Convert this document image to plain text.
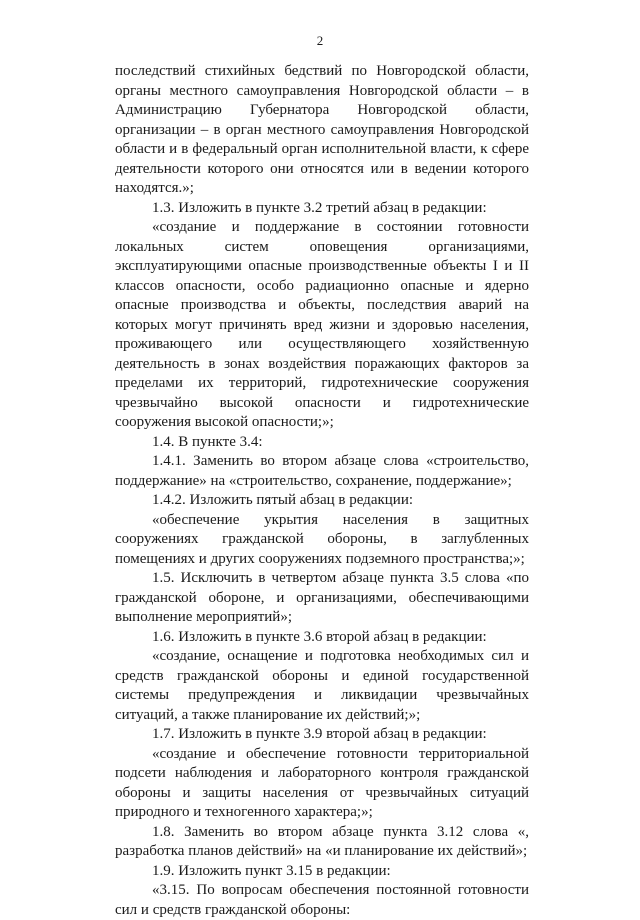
2

последствий стихийных бедствий по Новгородской области, органы местного самоуправления Новгородской области – в Администрацию Губернатора Новгородской области, организации – в орган местного самоуправления Новгородской области и в федеральный орган исполнительной власти, к сфере деятельности которого они относятся или в ведении которого находятся.»;

1.3. Изложить в пункте 3.2 третий абзац в редакции:

«создание и поддержание в состоянии готовности локальных систем оповещения организациями, эксплуатирующими опасные производственные объекты I и II классов опасности, особо радиационно опасные и ядерно опасные производства и объекты, последствия аварий на которых могут причинять вред жизни и здоровью населения, проживающего или осуществляющего хозяйственную деятельность в зонах воздействия поражающих факторов за пределами их территорий, гидротехнические сооружения чрезвычайно высокой опасности и гидротехнические сооружения высокой опасности;»;

1.4. В пункте 3.4:

1.4.1. Заменить во втором абзаце слова «строительство, поддержание» на «строительство, сохранение, поддержание»;

1.4.2. Изложить пятый абзац в редакции:

«обеспечение укрытия населения в защитных сооружениях гражданской обороны, в заглубленных помещениях и других сооружениях подземного пространства;»;

1.5. Исключить в четвертом абзаце пункта 3.5 слова «по гражданской обороне, и организациями, обеспечивающими выполнение мероприятий»;

1.6. Изложить в пункте 3.6 второй абзац в редакции:

«создание, оснащение и подготовка необходимых сил и средств гражданской обороны и единой государственной системы предупреждения и ликвидации чрезвычайных ситуаций, а также планирование их действий;»;

1.7. Изложить в пункте 3.9 второй абзац в редакции:

«создание и обеспечение готовности территориальной подсети наблюдения и лабораторного контроля гражданской обороны и защиты населения от чрезвычайных ситуаций природного и техногенного характера;»;

1.8. Заменить во втором абзаце пункта 3.12 слова «, разработка планов действий» на «и планирование их действий»;

1.9. Изложить пункт 3.15 в редакции:

«3.15. По вопросам обеспечения постоянной готовности сил и средств гражданской обороны:
